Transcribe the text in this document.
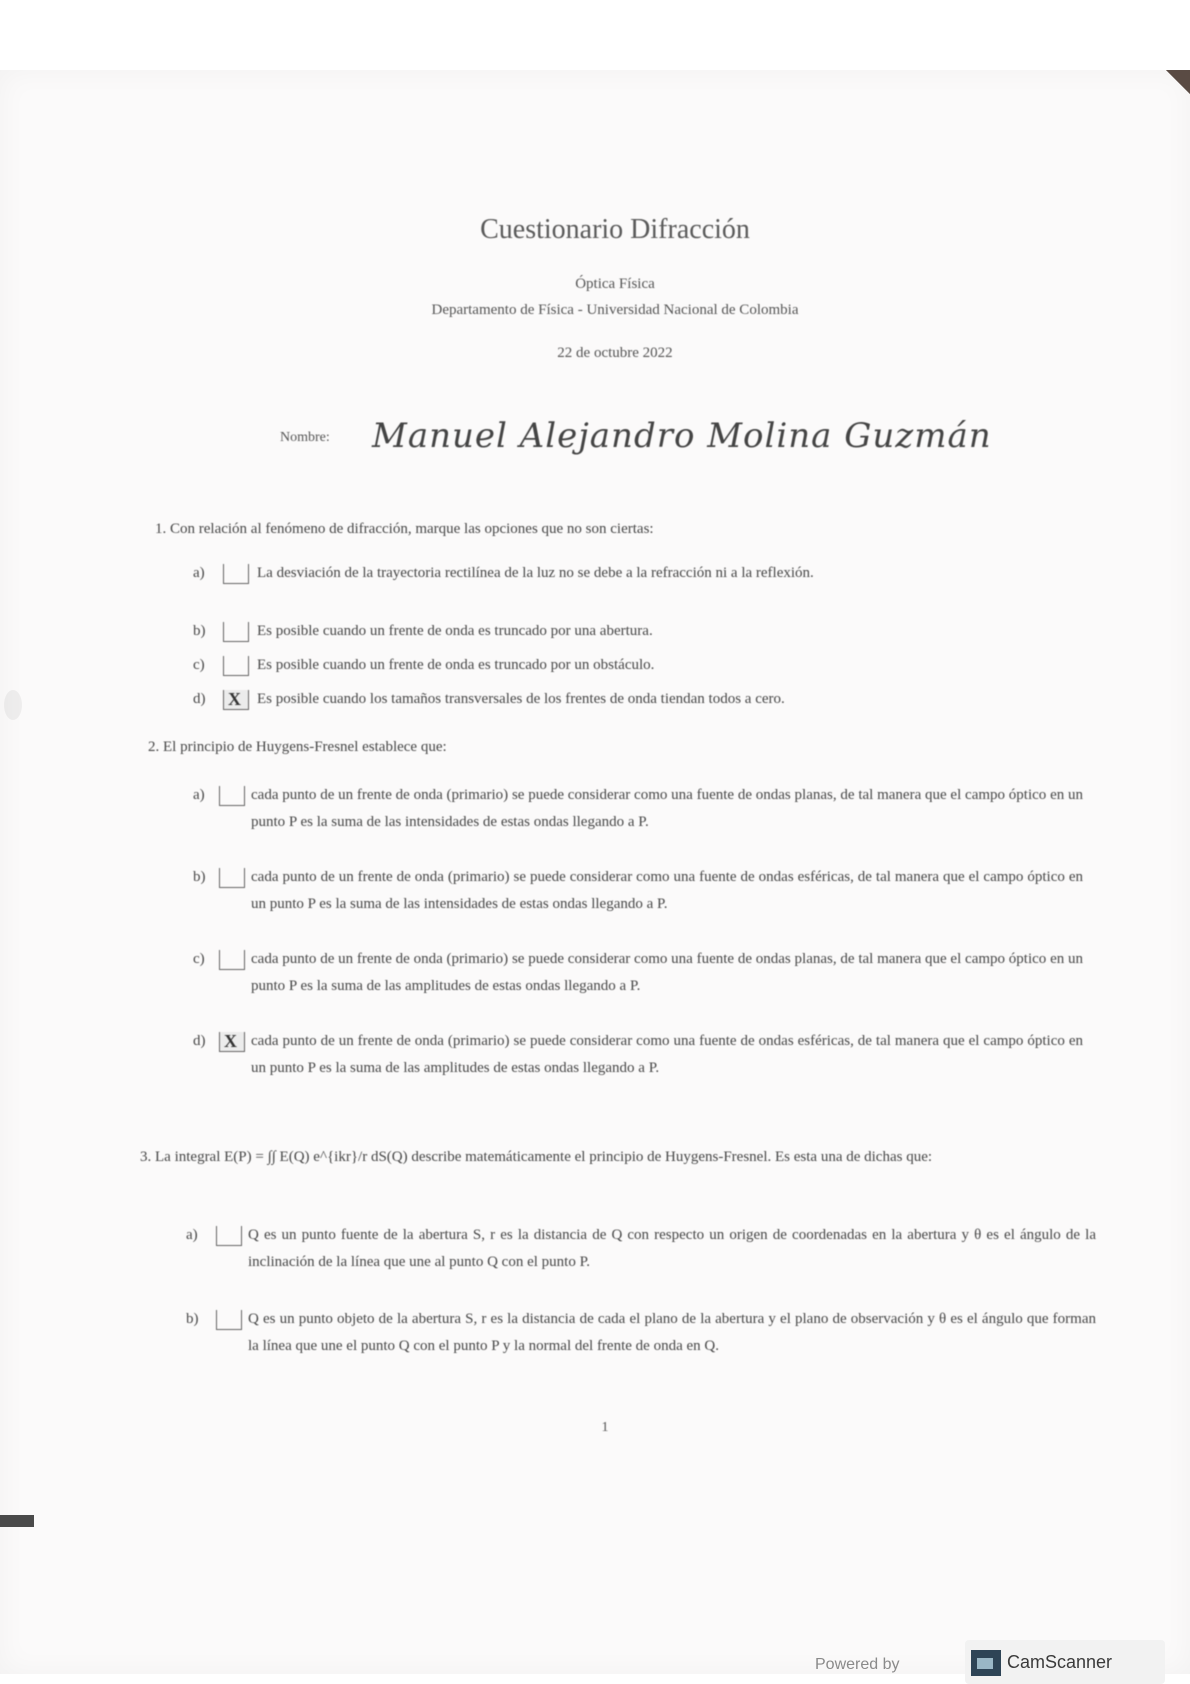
Cuestionario Difracción
Óptica Física
Departamento de Física - Universidad Nacional de Colombia
22 de octubre 2022
Nombre: Manuel Alejandro Molina Guzmán
1. Con relación al fenómeno de difracción, marque las opciones que no son ciertas:
a)	La desviación de la trayectoria rectilínea de la luz no se debe a la refracción ni a la reflexión.
b)	Es posible cuando un frente de onda es truncado por una abertura.
c)	Es posible cuando un frente de onda es truncado por un obstáculo.
d) X Es posible cuando los tamaños transversales de los frentes de onda tiendan todos a cero.
2. El principio de Huygens-Fresnel establece que:
a)	cada punto de un frente de onda (primario) se puede considerar como una fuente de ondas planas, de tal manera que el campo óptico en un punto P es la suma de las intensidades de estas ondas llegando a P.
b)	cada punto de un frente de onda (primario) se puede considerar como una fuente de ondas esféricas, de tal manera que el campo óptico en un punto P es la suma de las intensidades de estas ondas llegando a P.
c)	cada punto de un frente de onda (primario) se puede considerar como una fuente de ondas planas, de tal manera que el campo óptico en un punto P es la suma de las amplitudes de estas ondas llegando a P.
d) X cada punto de un frente de onda (primario) se puede considerar como una fuente de ondas esféricas, de tal manera que el campo óptico en un punto P es la suma de las amplitudes de estas ondas llegando a P.
3. La integral E(P) = ∫∫ E(Q) e^{ikr}/r dS(Q) describe matemáticamente el principio de Huygens-Fresnel. Es esta una de dichas que:
a)	Q es un punto fuente de la abertura S, r es la distancia de Q con respecto un origen de coordenadas en la abertura y θ es el ángulo de la inclinación de la línea que une al punto Q con el punto P.
b)	Q es un punto objeto de la abertura S, r es la distancia de cada el plano de la abertura y el plano de observación y θ es el ángulo que forman la línea que une el punto Q con el punto P y la normal del frente de onda en Q.
1
Powered by	CamScanner
